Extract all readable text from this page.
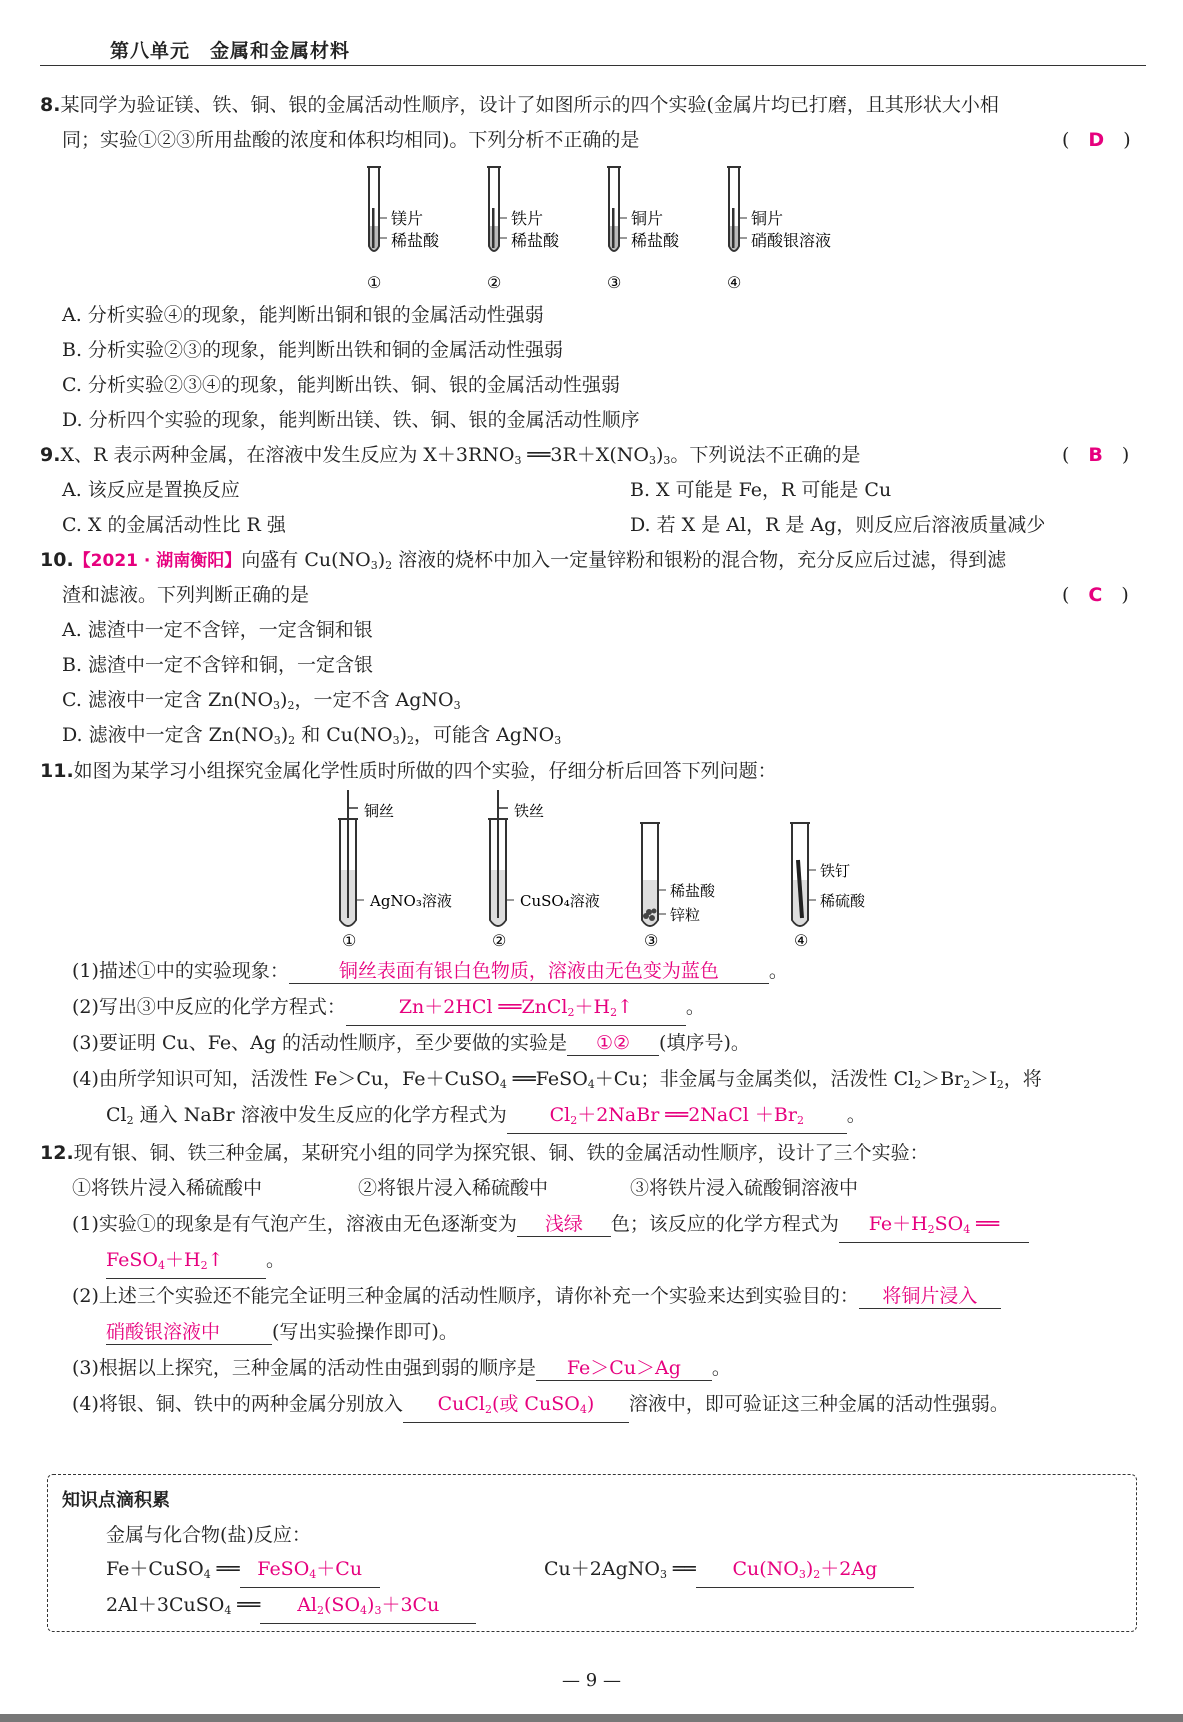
第八单元　金属和金属材料
8.某同学为验证镁、铁、铜、银的金属活动性顺序，设计了如图所示的四个实验(金属片均已打磨，且其形状大小相
同；实验①②③所用盐酸的浓度和体积均相同)。下列分析不正确的是	(　D　)
镁片
稀盐酸
①
铁片
稀盐酸
②
铜片
稀盐酸
③
铜片
硝酸银溶液
④
A. 分析实验④的现象，能判断出铜和银的金属活动性强弱
B. 分析实验②③的现象，能判断出铁和铜的金属活动性强弱
C. 分析实验②③④的现象，能判断出铁、铜、银的金属活动性强弱
D. 分析四个实验的现象，能判断出镁、铁、铜、银的金属活动性顺序
9.X、R 表示两种金属，在溶液中发生反应为 $X+3RNO_3$ $══3R+X(NO_3)_3$。下列说法不正确的是	(　B　)
A. 该反应是置换反应	B. X 可能是 Fe，R 可能是 Cu
C. X 的金属活动性比 R 强	D. 若 X 是 Al，R 是 Ag，则反应后溶液质量减少
10.【2021 · 湖南衡阳】向盛有 $Cu(NO_3)_2$ 溶液的烧杯中加入一定量锌粉和银粉的混合物，充分反应后过滤，得到滤
渣和滤液。下列判断正确的是	(　C　)
A. 滤渣中一定不含锌，一定含铜和银
B. 滤渣中一定不含锌和铜，一定含银
C. 滤液中一定含 $Zn(NO_3)_2$，一定不含 AgNO$_3$
D. 滤液中一定含 $Zn(NO_3)_2$ 和 $Cu(NO_3)_2$，可能含 AgNO$_3$
11.如图为某学习小组探究金属化学性质时所做的四个实验，仔细分析后回答下列问题：
铜丝
AgNO₃溶液
①
铁丝
CuSO₄溶液
②
稀盐酸
锌粒
③
铁钉
稀硫酸
④
(1)描述①中的实验现象：	铜丝表面有银白色物质，溶液由无色变为蓝色	。
(2)写出③中反应的化学方程式：	Zn＋2HCl $══ZnCl_2+H_2↑$	。
(3)要证明 Cu、Fe、Ag 的活动性顺序，至少要做的实验是 ①② (填序号)。
(4)由所学知识可知，活泼性 Fe＞Cu，Fe＋CuSO$_4$ ══FeSO$_4$＋Cu；非金属与金属类似，活泼性 $Cl_2>Br_2>I_2$，将
$Cl_2$ 通入 NaBr 溶液中发生反应的化学方程式为 $Cl_2+2NaBr$ ══2NaCl $+Br_2$ 。
12.现有银、铜、铁三种金属，某研究小组的同学为探究银、铜、铁的金属活动性顺序，设计了三个实验：
①将铁片浸入稀硫酸中	②将银片浸入稀硫酸中	③将铁片浸入硫酸铜溶液中
(1)实验①的现象是有气泡产生，溶液由无色逐渐变为 浅绿 色；该反应的化学方程式为 $Fe+H_2SO_4$ ══
$FeSO_4+H_2↑$ 。
(2)上述三个实验还不能完全证明三种金属的活动性顺序，请你补充一个实验来达到实验目的： 将铜片浸入
硝酸银溶液中	(写出实验操作即可)。
(3)根据以上探究，三种金属的活动性由强到弱的顺序是 Fe＞Cu＞Ag 。
(4)将银、铜、铁中的两种金属分别放入 CuCl$_2$(或 CuSO$_4$) 溶液中，即可验证这三种金属的活动性强弱。
知识点滴积累
金属与化合物(盐)反应：
Fe＋CuSO$_4$ ══ FeSO$_4$＋Cu	Cu＋2AgNO$_3$ ══ $Cu(NO_3)_2+2Ag$
2Al＋3CuSO$_4$ ══ $Al_2(SO_4)_3+3Cu$
— 9 —
